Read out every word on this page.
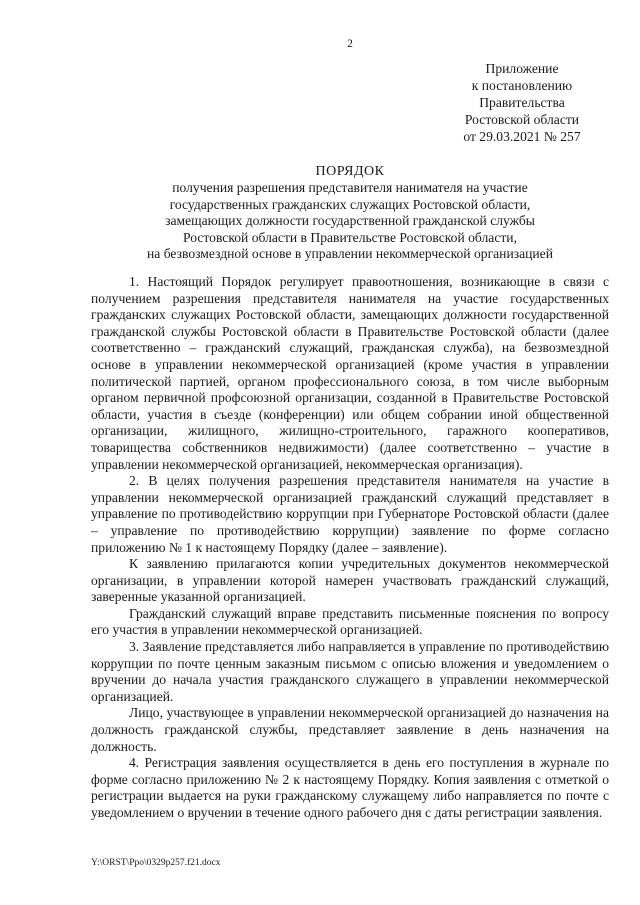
2
Приложение
к постановлению
Правительства
Ростовской области
от 29.03.2021 № 257
ПОРЯДОК
получения разрешения представителя нанимателя на участие
государственных гражданских служащих Ростовской области,
замещающих должности государственной гражданской службы
Ростовской области в Правительстве Ростовской области,
на безвозмездной основе в управлении некоммерческой организацией

1. Настоящий Порядок регулирует правоотношения, возникающие в связи с получением разрешения представителя нанимателя на участие государственных гражданских служащих Ростовской области, замещающих должности государственной гражданской службы Ростовской области в Правительстве Ростовской области (далее соответственно – гражданский служащий, гражданская служба), на безвозмездной основе в управлении некоммерческой организацией (кроме участия в управлении политической партией, органом профессионального союза, в том числе выборным органом первичной профсоюзной организации, созданной в Правительстве Ростовской области, участия в съезде (конференции) или общем собрании иной общественной организации, жилищного, жилищно-строительного, гаражного кооперативов, товарищества собственников недвижимости) (далее соответственно – участие в управлении некоммерческой организацией, некоммерческая организация).

2. В целях получения разрешения представителя нанимателя на участие в управлении некоммерческой организацией гражданский служащий представляет в управление по противодействию коррупции при Губернаторе Ростовской области (далее – управление по противодействию коррупции) заявление по форме согласно приложению № 1 к настоящему Порядку (далее – заявление).

К заявлению прилагаются копии учредительных документов некоммерческой организации, в управлении которой намерен участвовать гражданский служащий, заверенные указанной организацией.

Гражданский служащий вправе представить письменные пояснения по вопросу его участия в управлении некоммерческой организацией.

3. Заявление представляется либо направляется в управление по противодействию коррупции по почте ценным заказным письмом с описью вложения и уведомлением о вручении до начала участия гражданского служащего в управлении некоммерческой организацией.

Лицо, участвующее в управлении некоммерческой организацией до назначения на должность гражданской службы, представляет заявление в день назначения на должность.

4. Регистрация заявления осуществляется в день его поступления в журнале по форме согласно приложению № 2 к настоящему Порядку. Копия заявления с отметкой о регистрации выдается на руки гражданскому служащему либо направляется по почте с уведомлением о вручении в течение одного рабочего дня с даты регистрации заявления.

Y:\ORST\Ppo\0329p257.f21.docx
